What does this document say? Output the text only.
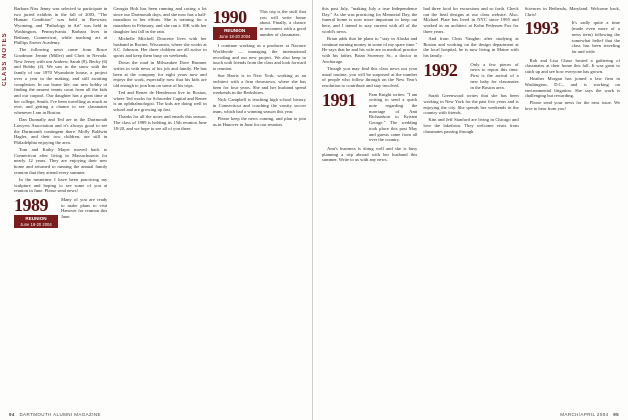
CLASS NOTES

Barbara Niss Jenny was selected to participate in two juried exhibits in the fall of 2003, "The Human Condition" was held in Brewster, Wyoming, and "Pathology in Art" was held in Washington, Pennsylvania. Barbara lives in Bethany, Connecticut, while teaching art at Phillips Exeter Academy.

The following news came from Bruce Goodman: Jennie (Miller) and Chris in Nevada. New Jersey with son Andrew, Sarah (8), Becky (6) and Bobby (4). We saw in the snow with the family of our 1970 Wyandotte house, a project over a year in the making, and still awaiting completion. In our home life, our new hobby of finding the nearest tennis court from all the kids and our carpool. Our daughter has a great time at her college, Smith. I've been travelling as much as ever, and getting a chance to see classmates whenever I am in Boston.

Dan Dunnally and Ted are in the Dartmouth Lawyers Association and it's always good to see the Dartmouth contingent there. Molly Baldwin Hagler, and their two children, are still in Philadelphia enjoying the area.

Tom and Kathy Mayer moved back to Connecticut after living in Massachusetts for nearly 12 years. They are enjoying their new home and returned to running the annual family reunion that they attend every summer.

In the meantime I have been practicing my sculpture and hoping to see some of you at reunion in June. Please send news!

1989
REUNION
June 18-20 2004
Many of you are ready to make plans to visit Hanover for reunion this June.

Georgia Holt has been running and racing a lot since our Dartmouth days, and she now has a half-marathon to her efforts. She is training for a marathon in February, and she ran a 10K with her daughter last fall in the rain.

Michelle Mitchell Doucette lives with her husband in Racine, Wisconsin, where she works at S.C. Johnson. Her three children are all active in sports and keep them busy on weekends.

Down the road in Milwaukee Dave Brunner writes in with news of his job and family. He has been at the company for eight years now and enjoys the work, especially now that his kids are old enough to join him on some of his trips.

Ted and Renee de Henderson live in Boston, where Ted works for Schroeder Capital and Renee is an ophthalmologist. The kids are doing well in school and are growing up fast.

Thanks for all the notes and emails this season. The class of 1989 is holding its 15th reunion June 18-20, and we hope to see all of you there.

1990
REUNION
June 18-20 2004
This trip is the stuff that you will write home about. Finally, a chance to reconnect with a good number of classmates.

I continue working as a producer at Navarre Worldwide — managing the international recording and our new project. We also keep in touch with friends from the class and look forward to reunion.

Sue Harris is in New York, working as an architect with a firm downtown, where she has been for four years. She and her husband spend weekends in the Berkshires.

Nick Campbell is teaching high school history in Connecticut and coaching the varsity soccer team, which had a winning season this year.

Please keep the news coming, and plan to join us in Hanover in June for our reunion.

94 DARTMOUTH ALUMNI MAGAZINE

this past July, "making July a true Independence Day." As she was practicing for Memorial Day, the funeral home is now more important to keep out here, and I intend to stay current with all of the world's news.

Brian adds that he plans to "stay in Alaska and continue earning money in some of my spare time." He says that he and his wife are in medical practice with his father, Brian Sweeney Sr., a doctor in Anchorage.

Though you may find this class news not your usual routine, you will be surprised at the number of people who follow through on the New Year's resolution to contribute and stay involved.

1991	Pam Knight writes: "I am writing to send a quick note regarding the marriage of Ami Richardson to Kristen George." The wedding took place this past May and guests came from all over the country.

Ami's business is doing well and she is busy planning a trip abroad with her husband this summer. Write to us with any news.

had three food for excursions and so forth. Check out the final designs at our class website. Also, Michael Plate has lived in NYC since 1995 and worked as an architect at Kohn Pedersen Fox for three years.

And from Chris Vaughn: after studying at Boston and working on the design department at the local hospital, he is now living in Maine with his family.

1992	Only a few pieces of news to report this time. First is the arrival of a new baby for classmates in the Boston area.

Sarah Greenwood writes that she has been working in New York for the past five years and is enjoying the city. She spends her weekends in the country with friends.

Kim and Jeff Stanford are living in Chicago and love the lakefront. They welcome visits from classmates passing through.

Sciences in Bethesda, Maryland. Welcome back, Chris!

1993	It's sadly quite a time (made even more of a news item) following the somewhat belief that the class has been traveling far and wide.

Rob and Lisa Chase hosted a gathering of classmates at their home this fall. It was great to catch up and see how everyone has grown.

Heather Morgan has joined a law firm in Washington, D.C., and is working on environmental litigation. She says the work is challenging but rewarding.

Please send your news for the next issue. We love to hear from you!

MARCH/APRIL 2004 95
